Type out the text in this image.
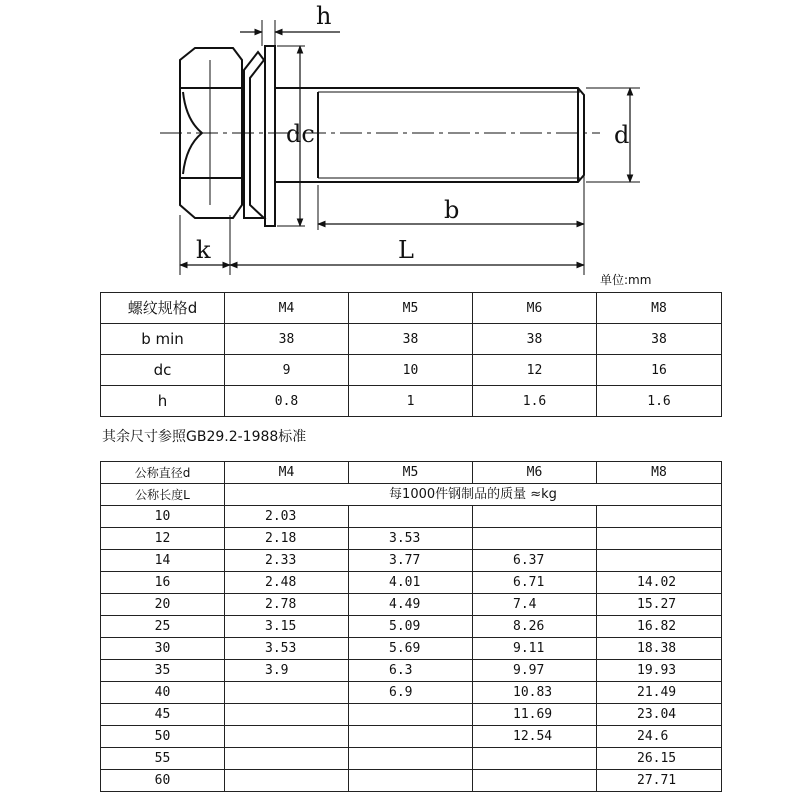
h
dc	d
b
k	L
单位:mm
螺纹规格d	M4	M5	M6	M8
b min	38	38	38	38
dc	9	10	12	16
h	0.8	1	1.6	1.6
其余尺寸参照GB29.2-1988标准
公称直径d	M4	M5	M6	M8
公称长度L	每1000件钢制品的质量 ≈kg			
10	2.03			
12	2.18	3.53		
14	2.33	3.77	6.37	
16	2.48	4.01	6.71	14.02
20	2.78	4.49	7.4	15.27
25	3.15	5.09	8.26	16.82
30	3.53	5.69	9.11	18.38
35	3.9	6.3	9.97	19.93
40		6.9	10.83	21.49
45			11.69	23.04
50			12.54	24.6
55				26.15
60				27.71
